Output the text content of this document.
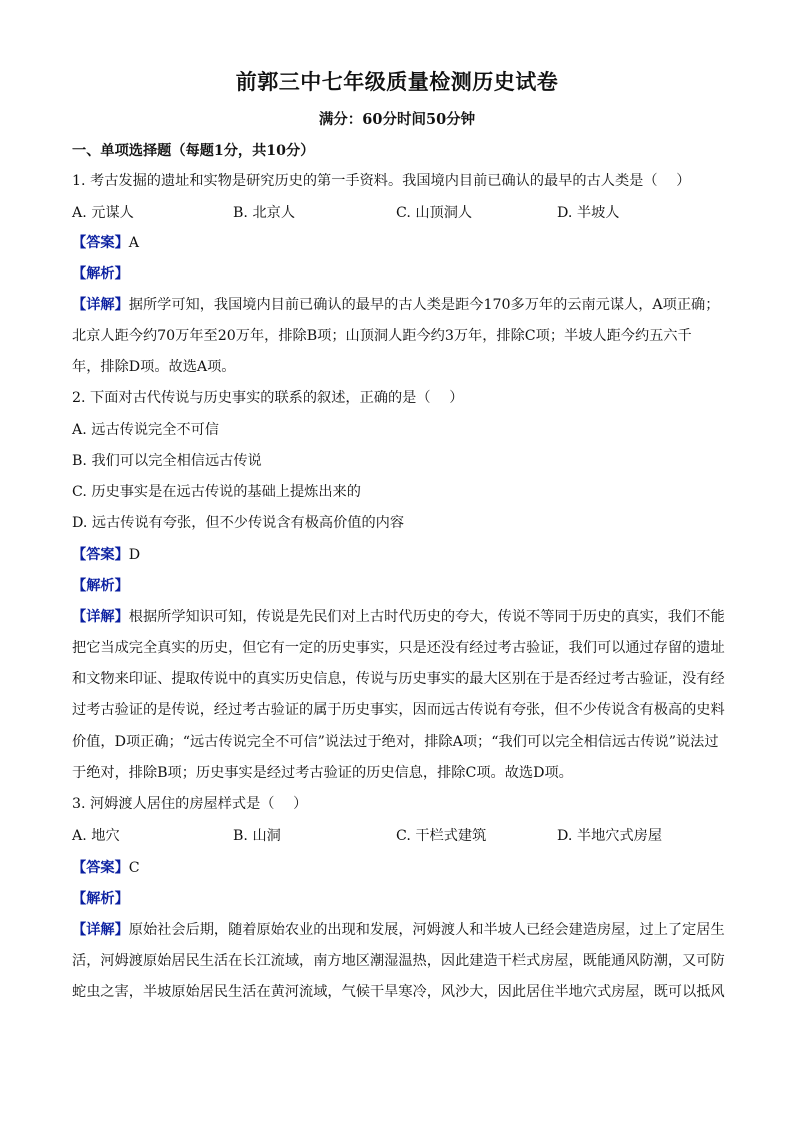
前郭三中七年级质量检测历史试卷
满分：60分时间50分钟
一、单项选择题（每题1分，共10分）
1. 考古发掘的遗址和实物是研究历史的第一手资料。我国境内目前已确认的最早的古人类是（　 ）
A. 元谋人	B. 北京人	C. 山顶洞人	D. 半坡人
【答案】A
【解析】
【详解】据所学可知，我国境内目前已确认的最早的古人类是距今170多万年的云南元谋人，A项正确；
北京人距今约70万年至20万年，排除B项；山顶洞人距今约3万年，排除C项；半坡人距今约五六千
年，排除D项。故选A项。
2. 下面对古代传说与历史事实的联系的叙述，正确的是（　 ）
A. 远古传说完全不可信
B. 我们可以完全相信远古传说
C. 历史事实是在远古传说的基础上提炼出来的
D. 远古传说有夸张，但不少传说含有极高价值的内容
【答案】D
【解析】
【详解】根据所学知识可知，传说是先民们对上古时代历史的夸大，传说不等同于历史的真实，我们不能
把它当成完全真实的历史，但它有一定的历史事实，只是还没有经过考古验证，我们可以通过存留的遗址
和文物来印证、提取传说中的真实历史信息，传说与历史事实的最大区别在于是否经过考古验证，没有经
过考古验证的是传说，经过考古验证的属于历史事实，因而远古传说有夸张，但不少传说含有极高的史料
价值，D项正确；“远古传说完全不可信”说法过于绝对，排除A项；“我们可以完全相信远古传说”说法过
于绝对，排除B项；历史事实是经过考古验证的历史信息，排除C项。故选D项。
3. 河姆渡人居住的房屋样式是（　 ）
A. 地穴	B. 山洞	C. 干栏式建筑	D. 半地穴式房屋
【答案】C
【解析】
【详解】原始社会后期，随着原始农业的出现和发展，河姆渡人和半坡人已经会建造房屋，过上了定居生
活，河姆渡原始居民生活在长江流域，南方地区潮湿温热，因此建造干栏式房屋，既能通风防潮，又可防
蛇虫之害，半坡原始居民生活在黄河流域，气候干旱寒冷，风沙大，因此居住半地穴式房屋，既可以抵风
